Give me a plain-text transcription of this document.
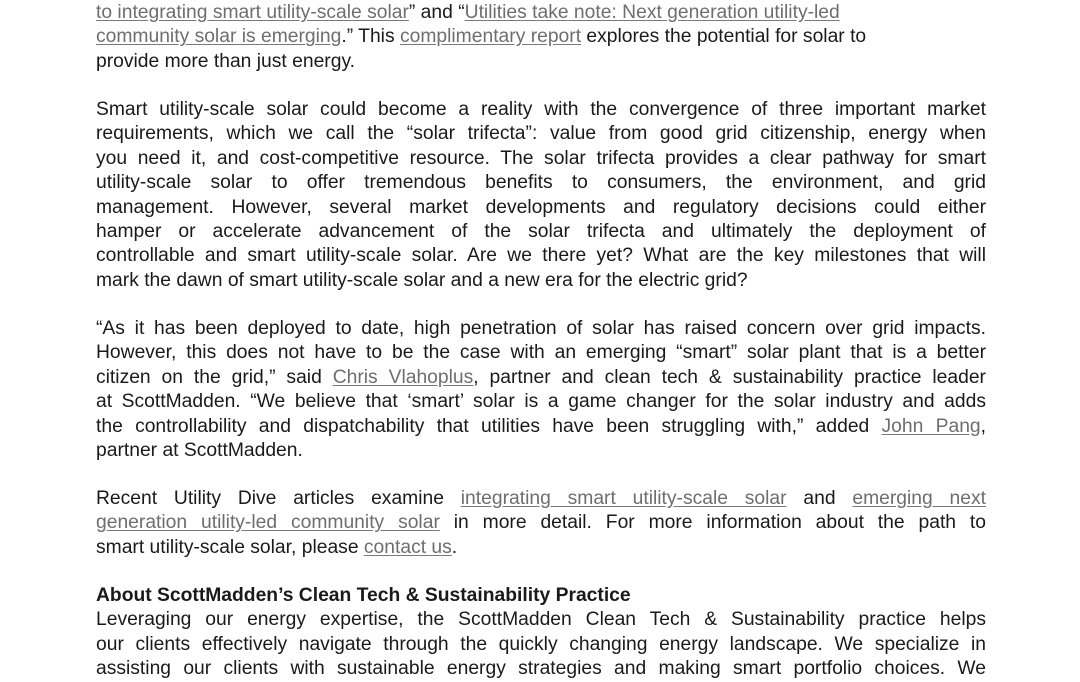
to integrating smart utility-scale solar” and “Utilities take note: Next generation utility-led
community solar is emerging.” This complimentary report explores the potential for solar to
provide more than just energy.
Smart utility-scale solar could become a reality with the convergence of three important market
requirements, which we call the “solar trifecta”: value from good grid citizenship, energy when
you need it, and cost-competitive resource. The solar trifecta provides a clear pathway for smart
utility-scale solar to offer tremendous benefits to consumers, the environment, and grid
management. However, several market developments and regulatory decisions could either
hamper or accelerate advancement of the solar trifecta and ultimately the deployment of
controllable and smart utility-scale solar. Are we there yet? What are the key milestones that will
mark the dawn of smart utility-scale solar and a new era for the electric grid?
“As it has been deployed to date, high penetration of solar has raised concern over grid impacts.
However, this does not have to be the case with an emerging “smart” solar plant that is a better
citizen on the grid,” said Chris Vlahoplus, partner and clean tech & sustainability practice leader
at ScottMadden. “We believe that ‘smart’ solar is a game changer for the solar industry and adds
the controllability and dispatchability that utilities have been struggling with,” added John Pang,
partner at ScottMadden.
Recent Utility Dive articles examine integrating smart utility-scale solar and emerging next
generation utility-led community solar in more detail. For more information about the path to
smart utility-scale solar, please contact us.
About ScottMadden’s Clean Tech & Sustainability Practice
Leveraging our energy expertise, the ScottMadden Clean Tech & Sustainability practice helps
our clients effectively navigate through the quickly changing energy landscape. We specialize in
assisting our clients with sustainable energy strategies and making smart portfolio choices. We
